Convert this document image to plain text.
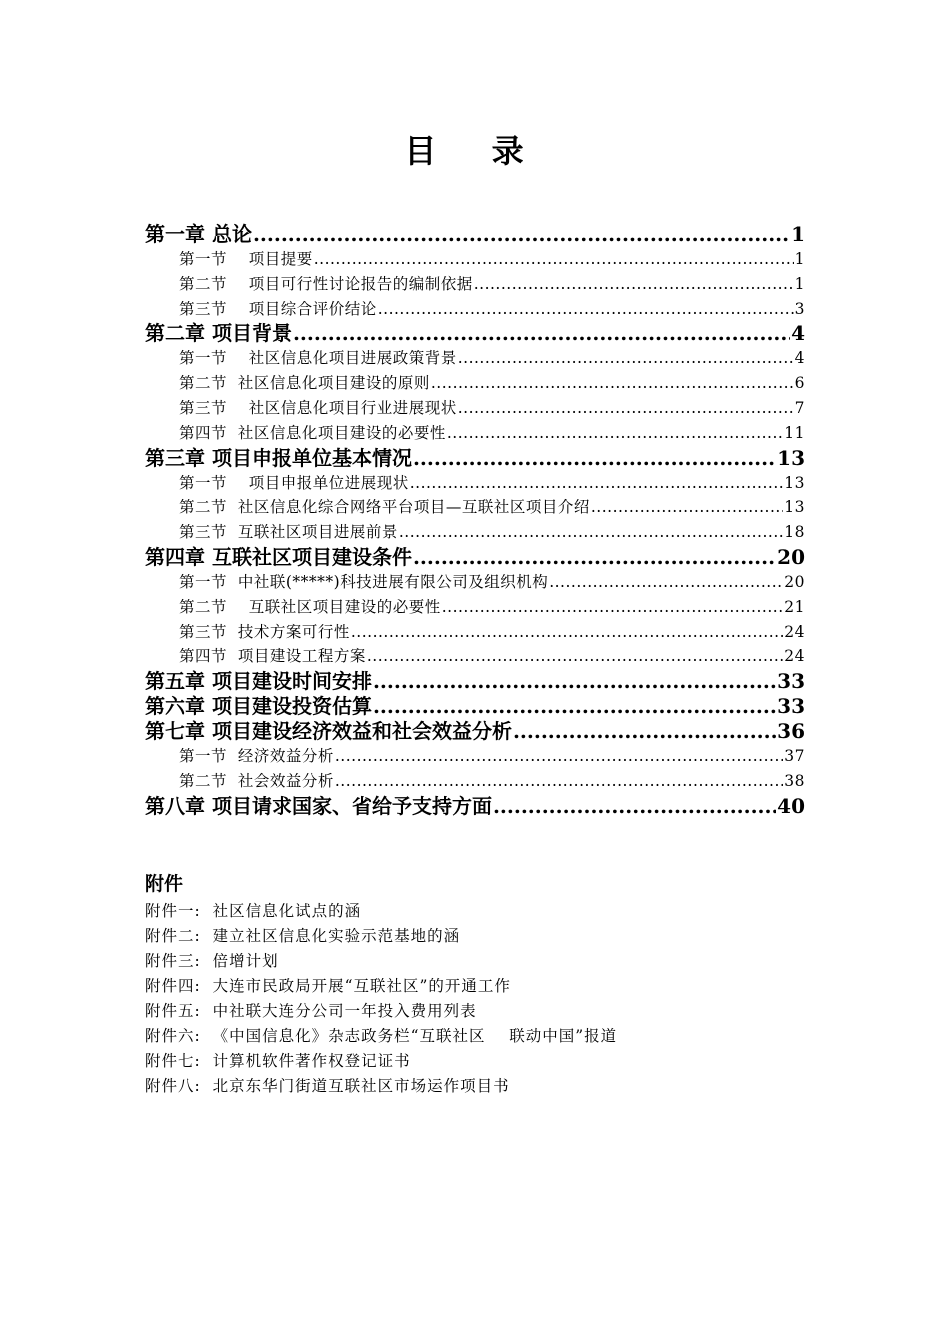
目 录
第一章 总论 .....	1
第一节    项目提要 .....	1
第二节    项目可行性讨论报告的编制依据 .....	1
第三节    项目综合评价结论 .....	3
第二章 项目背景 .....	4
第一节    社区信息化项目进展政策背景 .....	4
第二节  社区信息化项目建设的原则 .....	6
第三节    社区信息化项目行业进展现状 .....	7
第四节  社区信息化项目建设的必要性 .....	11
第三章 项目申报单位基本情况 .....	13
第一节    项目申报单位进展现状 .....	13
第二节  社区信息化综合网络平台项目—互联社区项目介绍 .....	13
第三节  互联社区项目进展前景 .....	18
第四章 互联社区项目建设条件 .....	20
第一节  中社联(*****)科技进展有限公司及组织机构 .....	20
第二节    互联社区项目建设的必要性 .....	21
第三节  技术方案可行性 .....	24
第四节  项目建设工程方案 .....	24
第五章 项目建设时间安排 .....	33
第六章 项目建设投资估算 .....	33
第七章 项目建设经济效益和社会效益分析 .....	36
第一节  经济效益分析 .....	37
第二节  社会效益分析 .....	38
第八章 项目请求国家、省给予支持方面 .....	40
附件
附件一:  社区信息化试点的涵
附件二:  建立社区信息化实验示范基地的涵
附件三:  倍增计划
附件四:  大连市民政局开展“互联社区”的开通工作
附件五:  中社联大连分公司一年投入费用列表
附件六:  《中国信息化》杂志政务栏“互联社区    联动中国”报道
附件七:  计算机软件著作权登记证书
附件八:  北京东华门街道互联社区市场运作项目书
